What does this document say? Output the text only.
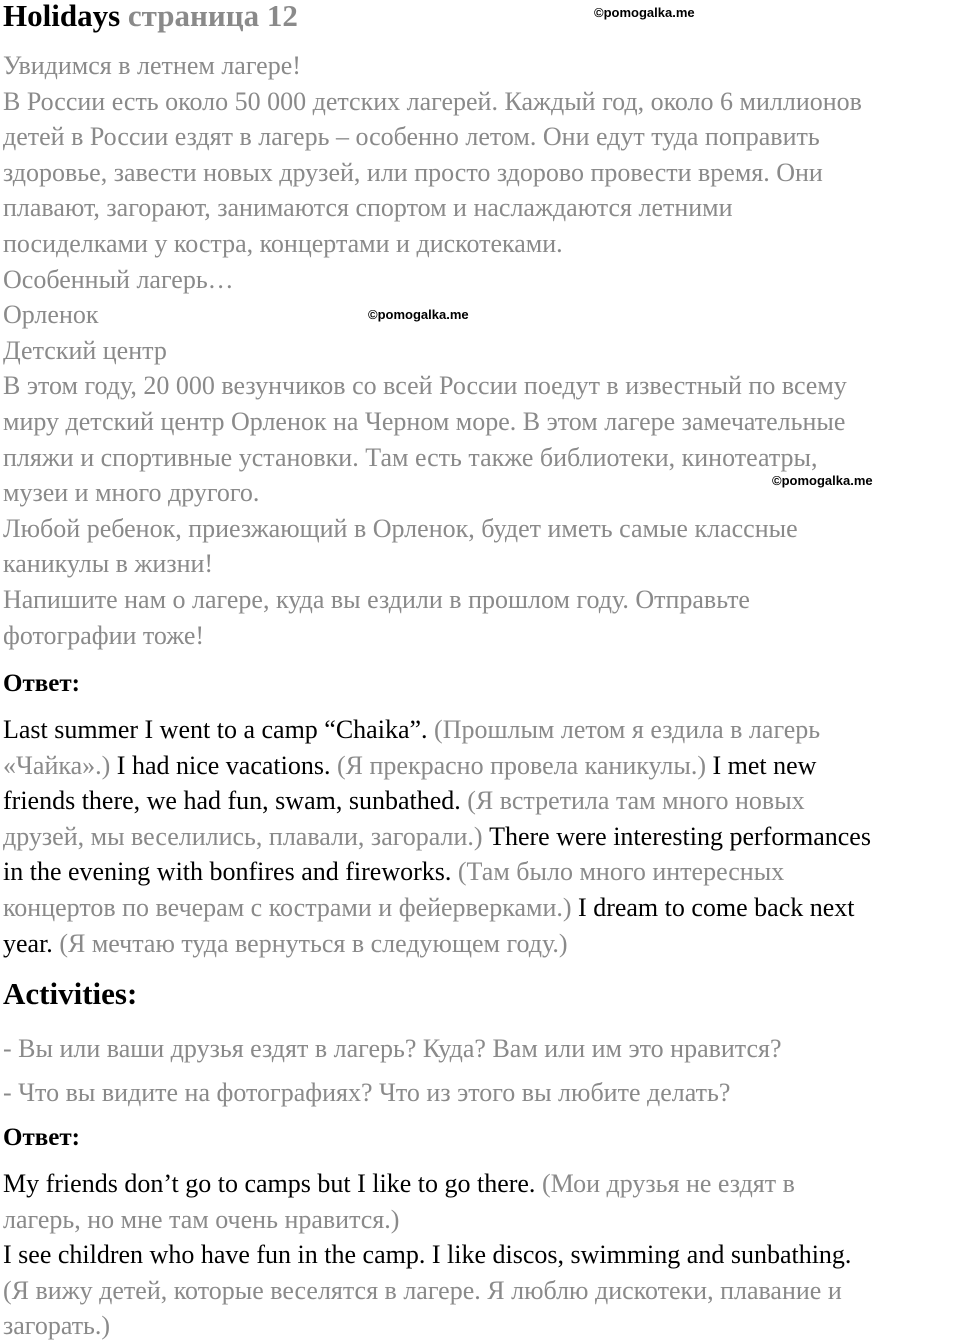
Holidays страница 12	©pomogalka.me
©pomogalka.me
©pomogalka.me

Увидимся в летнем лагере!

В России есть около 50 000 детских лагерей. Каждый год, около 6 миллионов

детей в России ездят в лагерь – особенно летом. Они едут туда поправить

здоровье, завести новых друзей, или просто здорово провести время. Они

плавают, загорают, занимаются спортом и наслаждаются летними

посиделками у костра, концертами и дискотеками.

Особенный лагерь…

Орленок

Детский центр

В этом году, 20 000 везунчиков со всей России поедут в известный по всему

миру детский центр Орленок на Черном море. В этом лагере замечательные

пляжи и спортивные установки. Там есть также библиотеки, кинотеатры,

музеи и много другого.

Любой ребенок, приезжающий в Орленок, будет иметь самые классные

каникулы в жизни!

Напишите нам о лагере, куда вы ездили в прошлом году. Отправьте

фотографии тоже!

Ответ:

Last summer I went to a camp “Chaika”. (Прошлым летом я ездила в лагерь

«Чайка».) I had nice vacations. (Я прекрасно провела каникулы.) I met new

friends there, we had fun, swam, sunbathed. (Я встретила там много новых

друзей, мы веселились, плавали, загорали.) There were interesting performances

in the evening with bonfires and fireworks. (Там было много интересных

концертов по вечерам с кострами и фейерверками.) I dream to come back next

year. (Я мечтаю туда вернуться в следующем году.)

Activities:

- Вы или ваши друзья ездят в лагерь? Куда? Вам или им это нравится?

- Что вы видите на фотографиях? Что из этого вы любите делать?

Ответ:

My friends don’t go to camps but I like to go there. (Мои друзья не ездят в

лагерь, но мне там очень нравится.)

I see children who have fun in the camp. I like discos, swimming and sunbathing.

(Я вижу детей, которые веселятся в лагере. Я люблю дискотеки, плавание и

загорать.)
